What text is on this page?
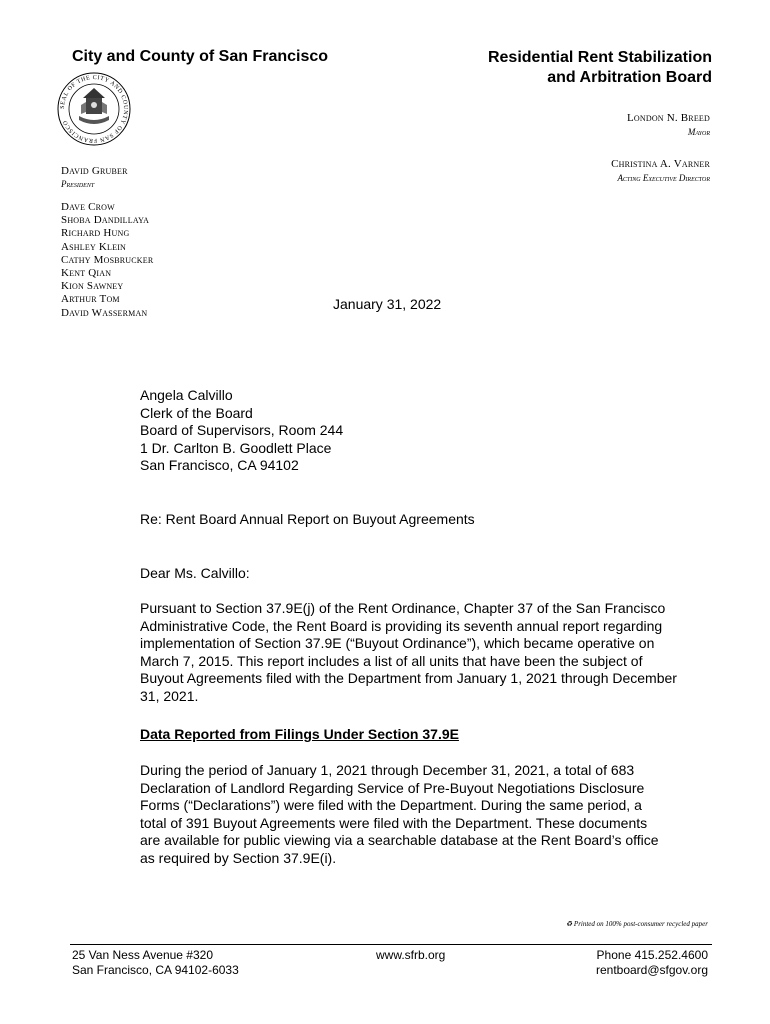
City and County of San Francisco	Residential Rent Stabilization
and Arbitration Board
SEAL OF THE CITY AND COUNTY OF SAN FRANCISCO	London N. Breed
Mayor
Christina A. Varner
Acting Executive Director
David Gruber
President
Dave Crow
Shoba Dandillaya
Richard Hung
Ashley Klein
Cathy Mosbrucker
Kent Qian
Kion Sawney
Arthur Tom
David Wasserman
January 31, 2022
Angela Calvillo
Clerk of the Board
Board of Supervisors, Room 244
1 Dr. Carlton B. Goodlett Place
San Francisco, CA 94102
Re: Rent Board Annual Report on Buyout Agreements
Dear Ms. Calvillo:
Pursuant to Section 37.9E(j) of the Rent Ordinance, Chapter 37 of the San Francisco
Administrative Code, the Rent Board is providing its seventh annual report regarding
implementation of Section 37.9E (“Buyout Ordinance”), which became operative on
March 7, 2015. This report includes a list of all units that have been the subject of
Buyout Agreements filed with the Department from January 1, 2021 through December
31, 2021.
Data Reported from Filings Under Section 37.9E
During the period of January 1, 2021 through December 31, 2021, a total of 683
Declaration of Landlord Regarding Service of Pre-Buyout Negotiations Disclosure
Forms (“Declarations”) were filed with the Department. During the same period, a
total of 391 Buyout Agreements were filed with the Department. These documents
are available for public viewing via a searchable database at the Rent Board’s office
as required by Section 37.9E(i).
♻ Printed on 100% post-consumer recycled paper
25 Van Ness Avenue #320
San Francisco, CA 94102-6033
www.sfrb.org	Phone 415.252.4600
rentboard@sfgov.org
